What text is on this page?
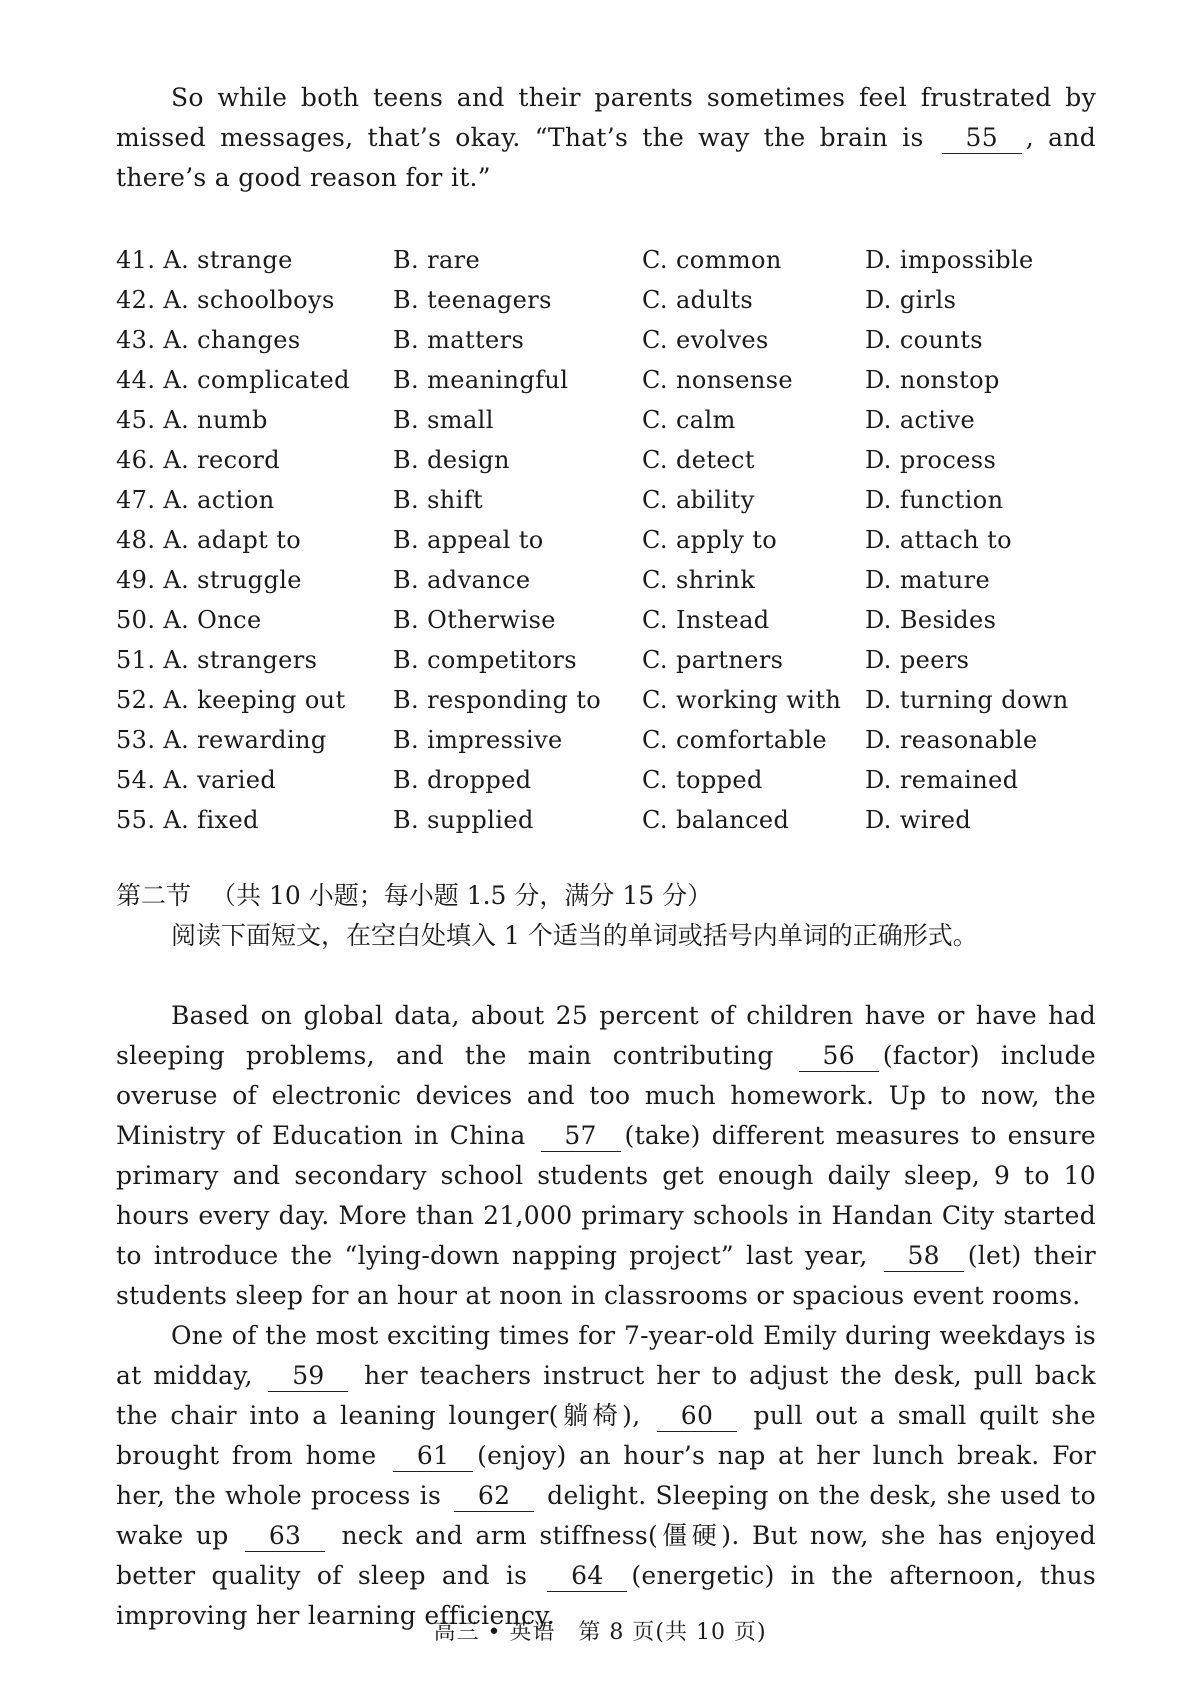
So while both teens and their parents sometimes feel frustrated by missed messages, that’s okay. “That’s the way the brain is 55 , and there’s a good reason for it.”

41. A. strange	B. rare	C. common	D. impossible
42. A. schoolboys B. teenagers	C. adults	D. girls
43. A. changes	B. matters	C. evolves	D. counts
44. A. complicated B. meaningful	C. nonsense	D. nonstop
45. A. numb	B. small	C. calm	D. active
46. A. record	B. design	C. detect	D. process
47. A. action	B. shift	C. ability	D. function
48. A. adapt to	B. appeal to	C. apply to	D. attach to
49. A. struggle	B. advance	C. shrink	D. mature
50. A. Once	B. Otherwise	C. Instead	D. Besides
51. A. strangers	B. competitors	C. partners	D. peers
52. A. keeping out B. responding to C. working with D. turning down
53. A. rewarding	B. impressive	C. comfortable D. reasonable
54. A. varied	B. dropped	C. topped	D. remained
55. A. fixed	B. supplied	C. balanced	D. wired
第二节 （共 10 小题；每小题 1.5 分，满分 15 分）
阅读下面短文，在空白处填入 1 个适当的单词或括号内单词的正确形式。

Based on global data, about 25 percent of children have or have had sleeping problems, and the main contributing 56 (factor) include overuse of electronic devices and too much homework. Up to now, the Ministry of Education in China 57 (take) different measures to ensure primary and secondary school students get enough daily sleep, 9 to 10 hours every day. More than 21,000 primary schools in Handan City started to introduce the “lying-down napping project” last year, 58 (let) their students sleep for an hour at noon in classrooms or spacious event rooms.

One of the most exciting times for 7-year-old Emily during weekdays is at midday, 59 her teachers instruct her to adjust the desk, pull back the chair into a leaning lounger(躺椅), 60 pull out a small quilt she brought from home 61 (enjoy) an hour’s nap at her lunch break. For her, the whole process is 62 delight. Sleeping on the desk, she used to wake up 63 neck and arm stiffness(僵硬). But now, she has enjoyed better quality of sleep and is 64 (energetic) in the afternoon, thus improving her learning efficiency.

高三 • 英语　第 8 页(共 10 页)
